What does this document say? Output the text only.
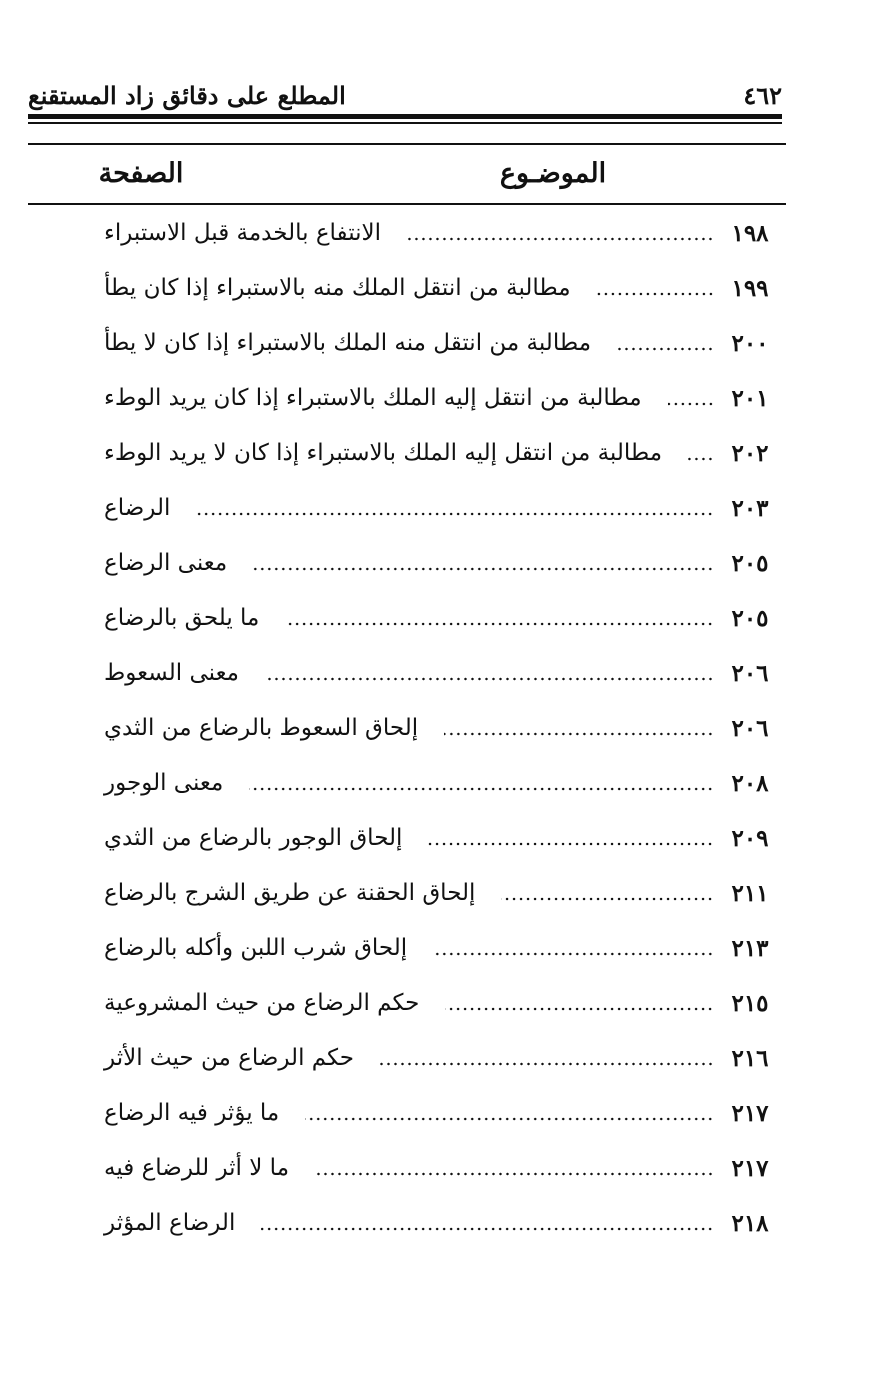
٤٦٢
المطلع على دقائق زاد المستقنع
الموضـوع
الصفحة
الانتفاع بالخدمة قبل الاستبراء	١٩٨
مطالبة من انتقل الملك منه بالاستبراء إذا كان يطأ	١٩٩
مطالبة من انتقل منه الملك بالاستبراء إذا كان لا يطأ	٢٠٠
مطالبة من انتقل إليه الملك بالاستبراء إذا كان يريد الوطء	٢٠١
مطالبة من انتقل إليه الملك بالاستبراء إذا كان لا يريد الوطء	٢٠٢
الرضاع	٢٠٣
معنى الرضاع	٢٠٥
ما يلحق بالرضاع	٢٠٥
معنى السعوط	٢٠٦
إلحاق السعوط بالرضاع من الثدي	٢٠٦
معنى الوجور	٢٠٨
إلحاق الوجور بالرضاع من الثدي	٢٠٩
إلحاق الحقنة عن طريق الشرج بالرضاع	٢١١
إلحاق شرب اللبن وأكله بالرضاع	٢١٣
حكم الرضاع من حيث المشروعية	٢١٥
حكم الرضاع من حيث الأثر	٢١٦
ما يؤثر فيه الرضاع	٢١٧
ما لا أثر للرضاع فيه	٢١٧
الرضاع المؤثر	٢١٨
